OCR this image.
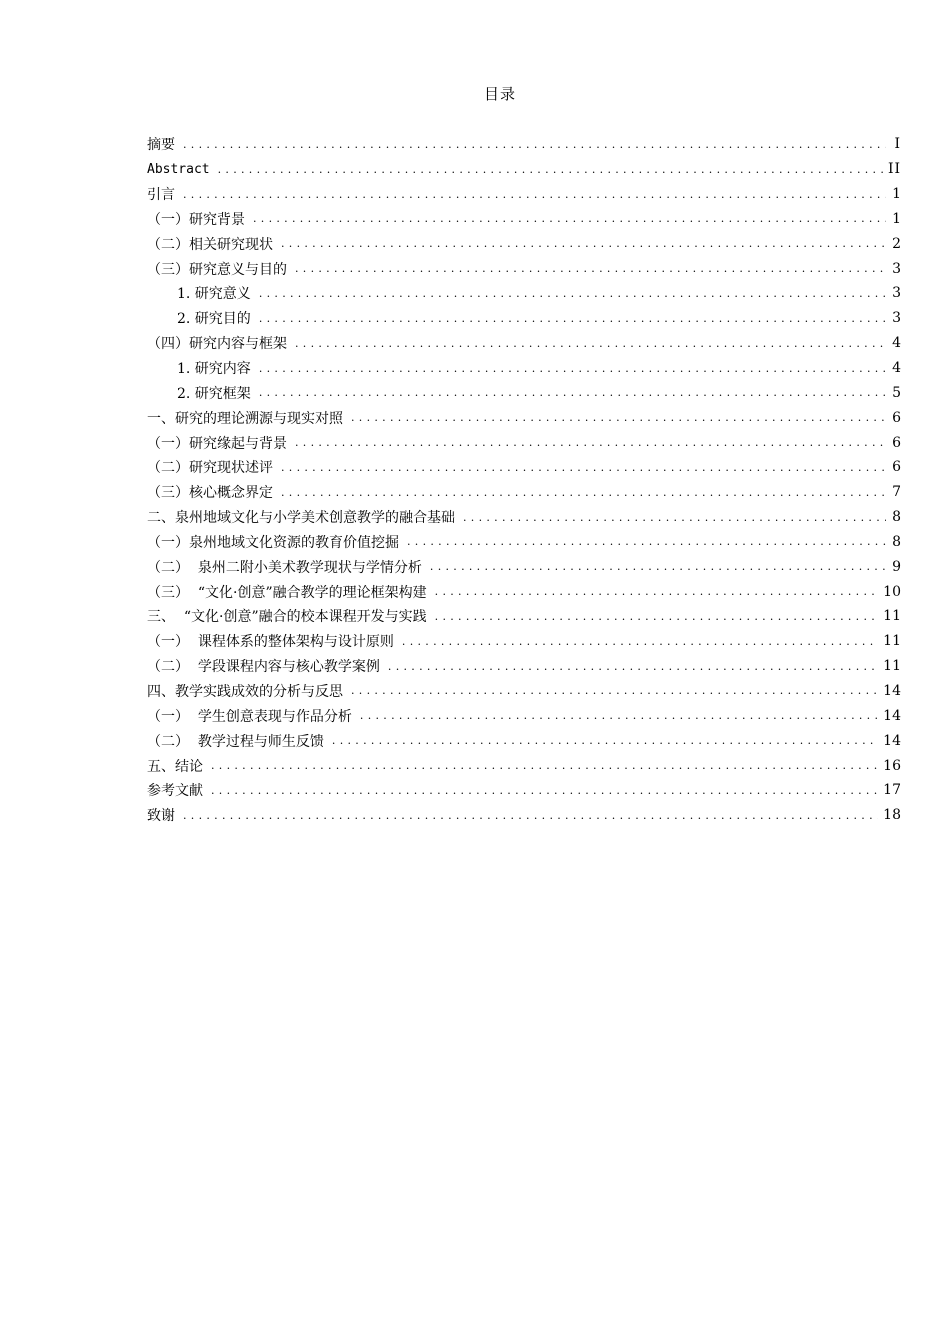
目录
摘要 .....	I
Abstract .....	II
引言 .....	1
（一）研究背景 .....	1
（二）相关研究现状 .....	2
（三）研究意义与目的 .....	3
1. 研究意义 .....	3
2. 研究目的 .....	3
（四）研究内容与框架 .....	4
1. 研究内容 .....	4
2. 研究框架 .....	5
一、研究的理论溯源与现实对照 .....	6
（一）研究缘起与背景 .....	6
（二）研究现状述评 .....	6
（三）核心概念界定 .....	7
二、泉州地域文化与小学美术创意教学的融合基础 .....	8
（一）泉州地域文化资源的教育价值挖掘 .....	8
（二）  泉州二附小美术教学现状与学情分析 .....	9
（三）  “文化·创意”融合教学的理论框架构建 .....	10
三、  “文化·创意”融合的校本课程开发与实践 .....	11
（一）  课程体系的整体架构与设计原则 .....	11
（二）  学段课程内容与核心教学案例 .....	11
四、教学实践成效的分析与反思 .....	14
（一）  学生创意表现与作品分析 .....	14
（二）  教学过程与师生反馈 .....	14
五、结论 .....	16
参考文献 .....	17
致谢 .....	18
